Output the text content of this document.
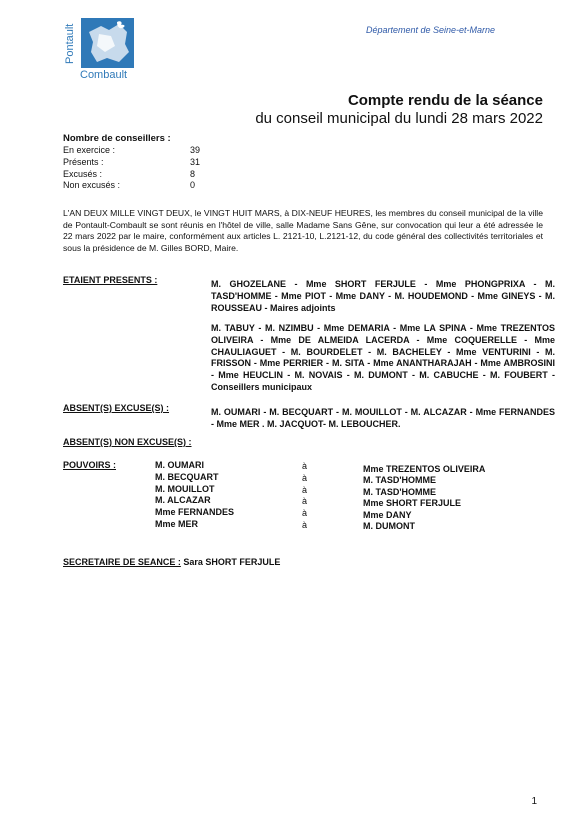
Pontault
Combault
Département de Seine-et-Marne
Compte rendu de la séance
du conseil municipal du lundi 28 mars 2022
Nombre de conseillers :
En exercice :	39
Présents :	31
Excusés :	8
Non excusés :	0
L'AN DEUX MILLE VINGT DEUX, le VINGT HUIT MARS, à DIX-NEUF HEURES, les membres du conseil municipal de la ville de Pontault-Combault se sont réunis en l'hôtel de ville, salle Madame Sans Gêne, sur convocation qui leur a été adressée le 22 mars 2022 par le maire, conformément aux articles L. 2121-10, L.2121-12, du code général des collectivités territoriales et sous la présidence de M. Gilles BORD, Maire.
ETAIENT PRESENTS :	M. GHOZELANE - Mme SHORT FERJULE - Mme PHONGPRIXA - M. TASD'HOMME - Mme PIOT - Mme DANY - M. HOUDEMOND - Mme GINEYS - M. ROUSSEAU - Maires adjoints
M. TABUY - M. NZIMBU - Mme DEMARIA - Mme LA SPINA - Mme TREZENTOS OLIVEIRA - Mme DE ALMEIDA LACERDA - Mme COQUERELLE - Mme CHAULIAGUET - M. BOURDELET - M. BACHELEY - Mme VENTURINI - M. FRISSON - Mme PERRIER - M. SITA - Mme ANANTHARAJAH - Mme AMBROSINI - Mme HEUCLIN - M. NOVAIS - M. DUMONT - M. CABUCHE - M. FOUBERT - Conseillers municipaux
ABSENT(S) EXCUSE(S) :	M. OUMARI - M. BECQUART - M. MOUILLOT - M. ALCAZAR - Mme FERNANDES - Mme MER . M. JACQUOT- M. LEBOUCHER.
ABSENT(S) NON EXCUSE(S) :
POUVOIRS :	M. OUMARI	à	Mme TREZENTOS OLIVEIRA
M. BECQUART	à	M. TASD'HOMME
M. MOUILLOT	à	M. TASD'HOMME
M. ALCAZAR	à	Mme SHORT FERJULE
Mme FERNANDES	à	Mme DANY
Mme MER	à	M. DUMONT
SECRETAIRE DE SEANCE : Sara SHORT FERJULE
1
